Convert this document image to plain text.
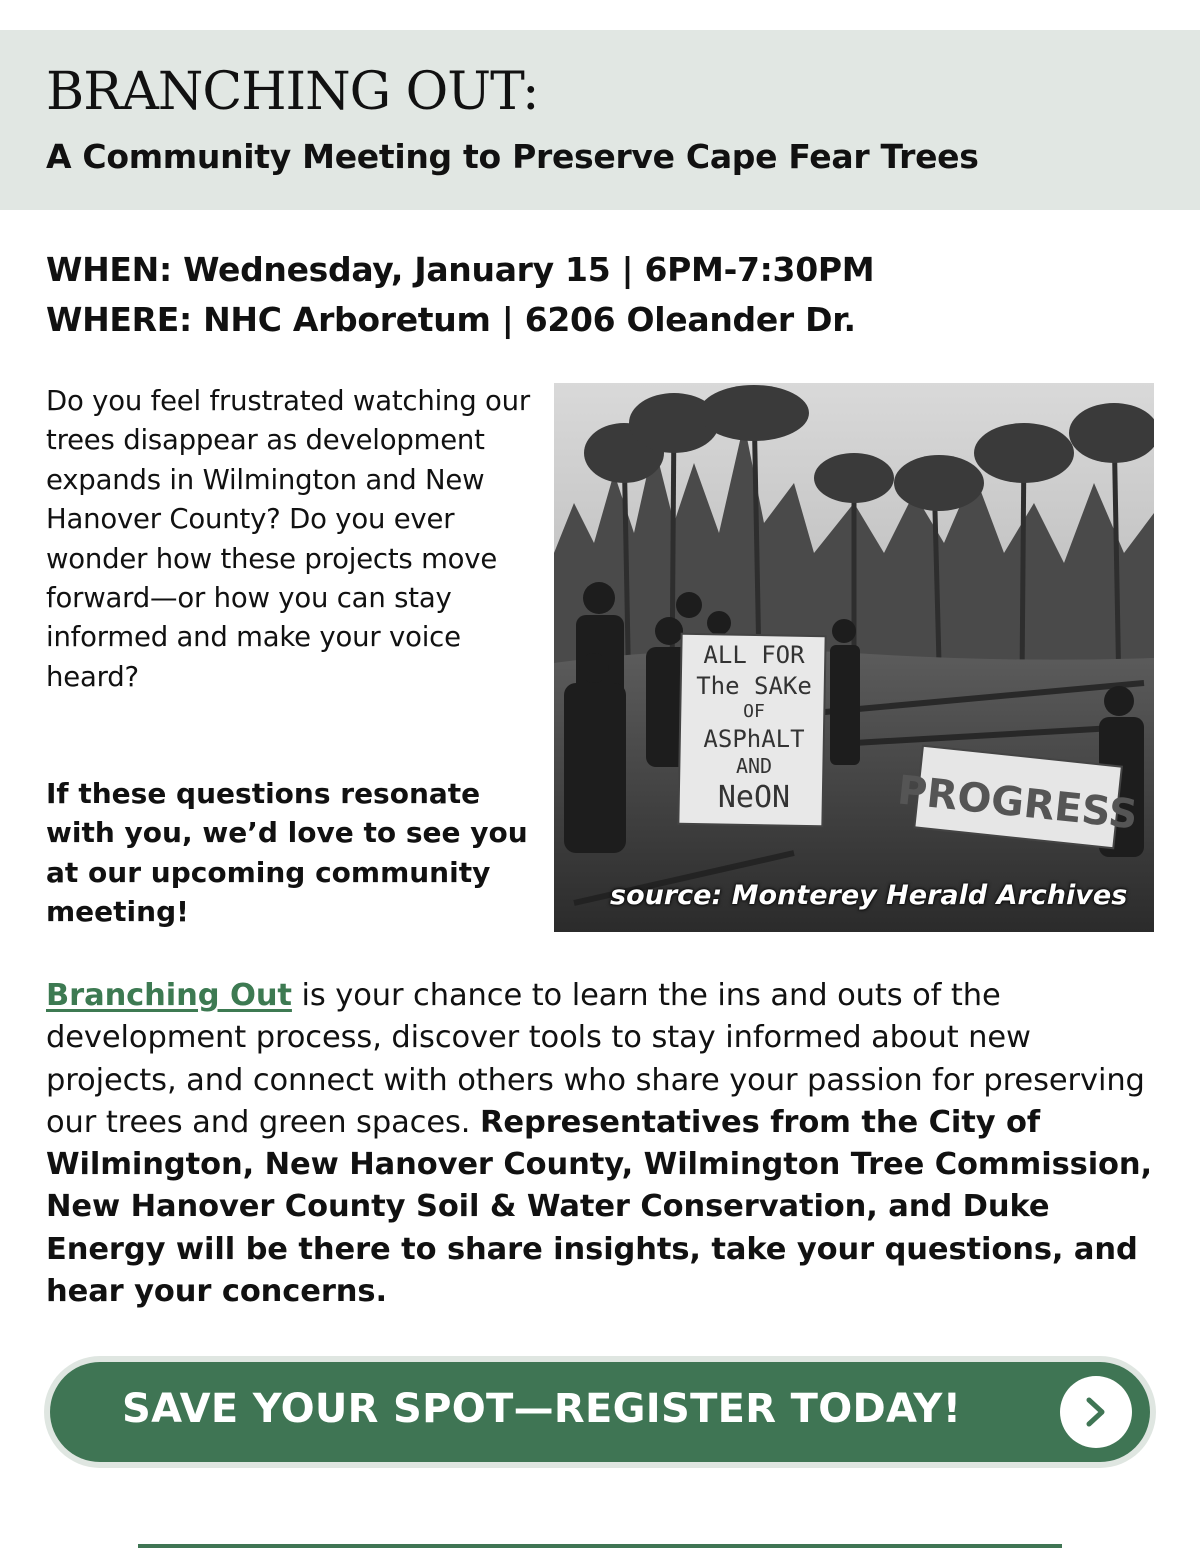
BRANCHING OUT:
A Community Meeting to Preserve Cape Fear Trees
WHEN: Wednesday, January 15 | 6PM-7:30PM
WHERE: NHC Arboretum | 6206 Oleander Dr.

Do you feel frustrated watching our trees disappear as development expands in Wilmington and New Hanover County? Do you ever wonder how these projects move forward—or how you can stay informed and make your voice heard?

If these questions resonate with you, we’d love to see you at our upcoming community meeting!

ALL FOR
The SAKe
OF
ASPhALT
AND
NeON	PROGRESS
source: Monterey Herald Archives

Branching Out is your chance to learn the ins and outs of the development process, discover tools to stay informed about new projects, and connect with others who share your passion for preserving our trees and green spaces. Representatives from the City of Wilmington, New Hanover County, Wilmington Tree Commission, New Hanover County Soil & Water Conservation, and Duke Energy will be there to share insights, take your questions, and hear your concerns.

SAVE YOUR SPOT—REGISTER TODAY!
